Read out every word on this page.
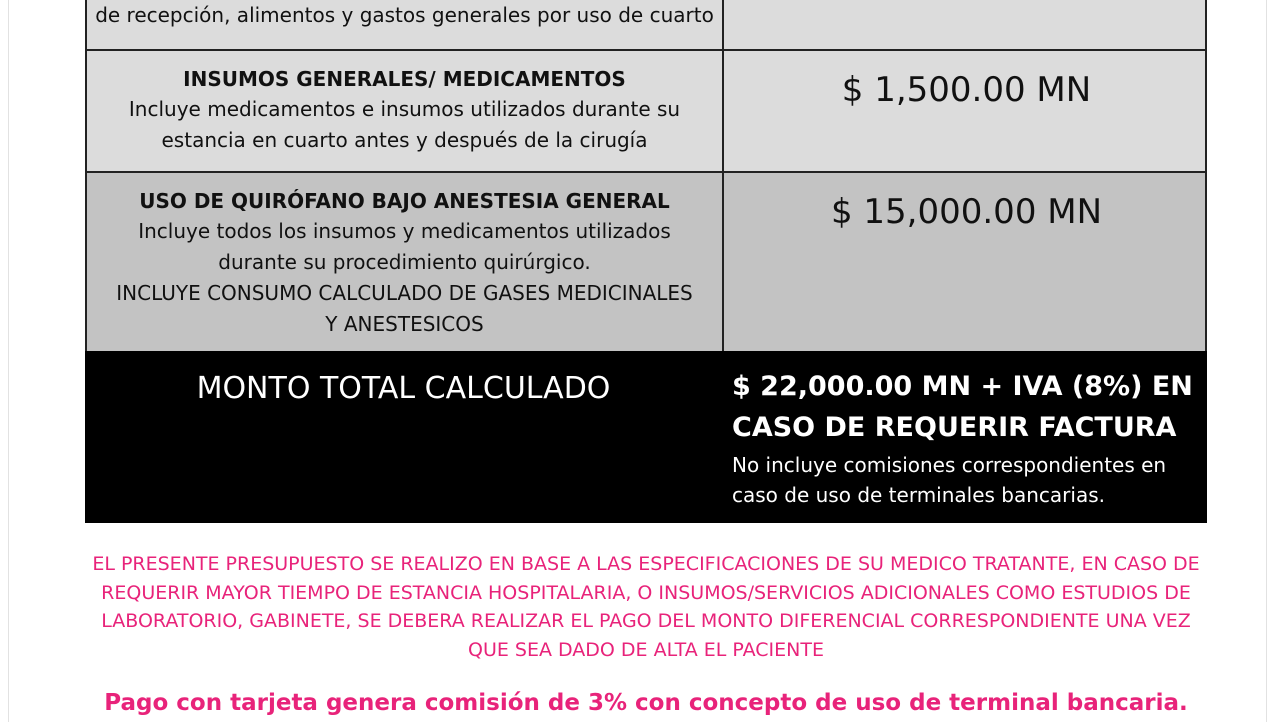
de recepción, alimentos y gastos generales por uso de cuarto
INSUMOS GENERALES/ MEDICAMENTOS
Incluye medicamentos e insumos utilizados durante su
estancia en cuarto antes y después de la cirugía
$ 1,500.00 MN
USO DE QUIRÓFANO BAJO ANESTESIA GENERAL
Incluye todos los insumos y medicamentos utilizados
durante su procedimiento quirúrgico.
INCLUYE CONSUMO CALCULADO DE GASES MEDICINALES
Y ANESTESICOS
$ 15,000.00 MN
MONTO TOTAL CALCULADO	$ 22,000.00 MN + IVA (8%) EN
CASO DE REQUERIR FACTURA
No incluye comisiones correspondientes en
caso de uso de terminales bancarias.
EL PRESENTE PRESUPUESTO SE REALIZO EN BASE A LAS ESPECIFICACIONES DE SU MEDICO TRATANTE, EN CASO DE
REQUERIR MAYOR TIEMPO DE ESTANCIA HOSPITALARIA, O INSUMOS/SERVICIOS ADICIONALES COMO ESTUDIOS DE
LABORATORIO, GABINETE, SE DEBERA REALIZAR EL PAGO DEL MONTO DIFERENCIAL CORRESPONDIENTE UNA VEZ
QUE SEA DADO DE ALTA EL PACIENTE
Pago con tarjeta genera comisión de 3% con concepto de uso de terminal bancaria.
